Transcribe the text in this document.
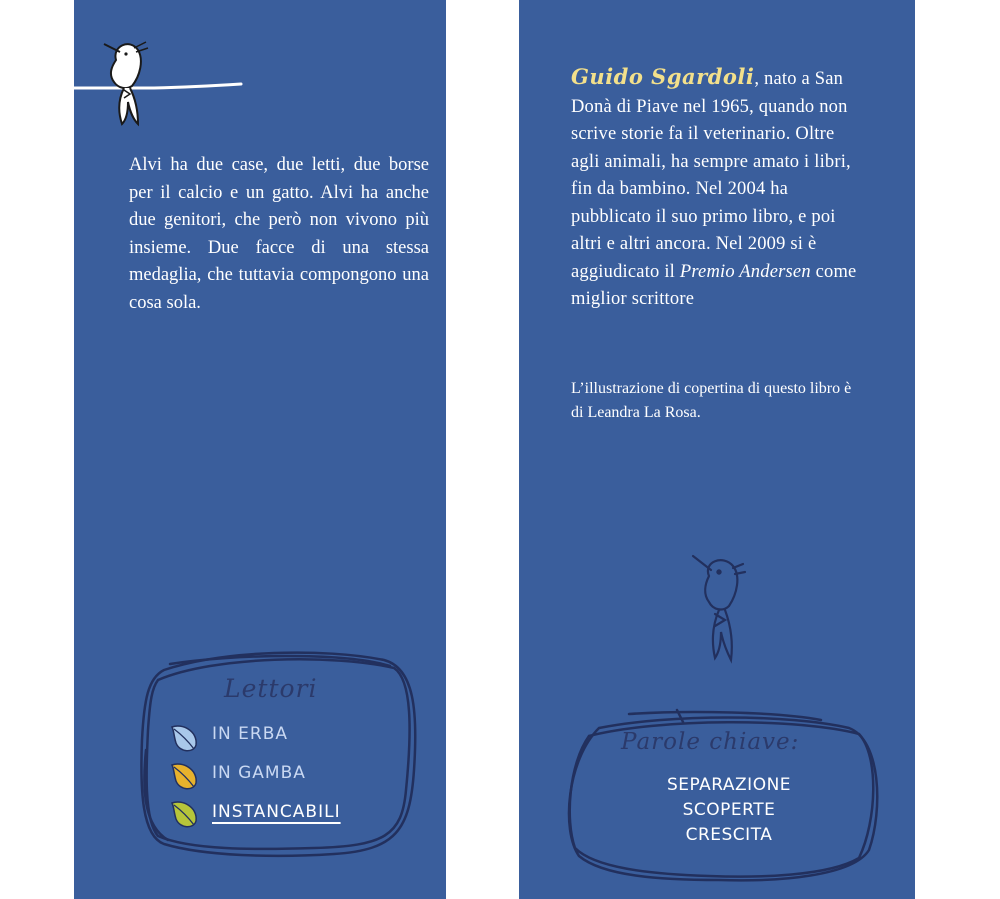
Alvi ha due case, due letti, due borse per il calcio e un gatto. Alvi ha anche due genitori, che però non vivono più insieme. Due facce di una stessa medaglia, che tuttavia compongono una cosa sola.

Lettori
IN ERBA
IN GAMBA
INSTANCABILI

Guido Sgardoli, nato a San Donà di Piave nel 1965, quando non scrive storie fa il veterinario. Oltre agli animali, ha sempre amato i libri, fin da bambino. Nel 2004 ha pubblicato il suo primo libro, e poi altri e altri ancora. Nel 2009 si è aggiudicato il Premio Andersen come miglior scrittore

L’illustrazione di copertina di questo libro è di Leandra La Rosa.

Parole chiave:
SEPARAZIONE
SCOPERTE
CRESCITA
